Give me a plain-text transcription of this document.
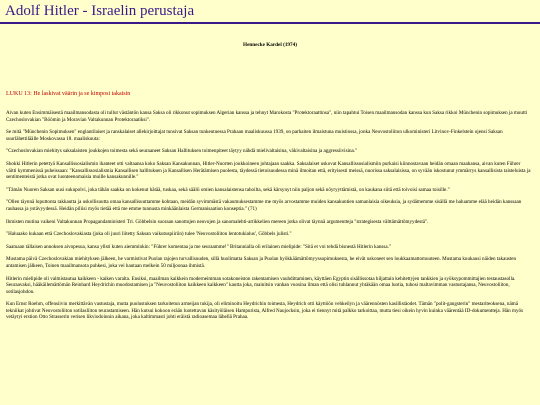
Adolf Hitler - Israelin perustaja
Hennecke Kardel (1974)
LUKU 13: He laskivat väärin ja se kimposi takaisin

Aivan kuten Ensimmäisestä maailmansodasta oli tullut västäntön kansa Saksa oli rikkonut sopimuksen Algerian kanssa ja tehnyt Marokosta "Protektoraattinsa", niin tapahtui Toisen maailmansodan kanssa kun Saksa rikkoi Münchenin sopimuksen ja muutti Czechoslovakian "Böömin ja Moravian Valtakunnan Protektoraatiksi".

Se mitä "Münchenin Sopimuksen" englantilaiset ja ranskalaiset allekirjoittajat tunsivat Saksan tunkeutuessa Prahaan maaliskuussa 1939, on parhaiten ilmaistuna muistiossa, jonka Neuvostoliiton ulkoministeri Litvinov-Finkelstein ojensi Saksan suurlähettiläälle Moskovassa 18. maaliskuuta:

"Czechoslovakian miehitys saksalaisten joukkojen toimesta sekä seuraaneet Saksan Hallituksen toimenpiteet täytyy nähdä mielivaltaisina, väkivaltaisina ja aggressiivisina."

Shokki Hitlerin petettyä Kansallissosialismin ihanteet otti valtaansa koko Saksan Kansakunnan, Hitler-Nuorten joukkoineen johtajaan saakka. Saksalaiset uskovat Kansallissosialismiin purkaisi kiinnostavaan heidän omaan maahansa, aivan kuten Führer väitti kymmenissä puheissaan: "Kansallissosialismia Kansallisen hallituksen ja Kansallisen Herätämisen puolesta, täydessä tietoisuudessa minä ilmoitan että, erityisesti meissä, nuorissa saksalaisissa, on syvään iskostunut ymmärrys kansallisista taisteluista ja sentimenteistä jotka ovat luonteenomaisia muille kansakunnille."

"Tämän Nuoren Saksan uusi sukupolvi, joka tähän saakka on kokenut hätää, tuskaa, sekä säälii omien kansalaistensa tahoilta, sekä kärsynyt niin paljon sekä nöyryyttämistä, on kaukana siitä että toivoisi samaa toisille."

"Ollen täynnä loputtonta rakkautta ja uskollisuutta omaa kansallisuuttamme kohtaan, meidän syvimmästä vakaumuksestamme me myös arvostamme muiden kansakuntien samanlaisia oikeuksia, ja sydämemme sisällä me haluamme elää heidän kanssaan rauhassa ja ystävyydessä. Heidän piliisi myös tietää että me emme tunnusta minkäänlaista Germanisaation konseptia." (71)

Ihmisten mutina vaikeni Valtakunnan Propagandaministeri Tri. Göbbelsin suoraan sanottujen neuvojen ja sanomalehti-artikkelien mereen jotka olivat täynnä argumentteja "strategisesta välttämättömyydestä".

"Haluaako kukaan että Czechoslovakiasta (joka oli juuri liitetty Saksan vaikutuspiiriin) tulee 'Neuvostoliiton lentotukialus', Göbbels julisti."

Saatuaan tällaisen annoksen aivopesua, kansa yllsti kuten aiemminkin: "Führer komentaa ja me seuraamme!" Britannialla oli erilainen mielipide: "Sitä et voi tehdä bisnestä Hitlerin kanssa."

Mustama päivä Czechoslovakian miehityksen jälkeen, he varmistivat Puolan rajojen turvallisuuden, sillä huolimatta Saksan ja Puolan hyökkäämättömyyssopimuksesta, he eivät uskoneet sen loukkaamattomuuteen. Mustama kuukausi näiden takausten antamisen jälkeen, Toinen maailmansota puhkesi, joka vei hautaan melkein 50 miljoonaa ihmistä.

Hitlerin mielipide oli valmistautua kaikkeen - kaiken varalta. Ensiksi, maailman kaikkein moderneimman sotakoneiston rakentamisen vauhdittaminen, käyttäen Egyptin sisällissotaa hiljattain kehitettyjen tankkien ja syöksypommittajien testaustasolla. Seuraavaksi, hääkäilemättömän Reinhard Heydrichin muodostamisen ja "Neuvostoliiton kaikkeen kaikkeen" kautta joka, mainitsin vanhan vuosina ilman että olisi tuhlannut yhtäkään omaa luotia, tuhosi maltavimman vastustajansa, Neuvostoliiton, sotilasjohdon.

Kun Ernst Roehm, offensiivin merkittävän vastustaja, mutta puolustuksen tarkoitetun armeijan tukija, oli eliminoitu Heydrichin toimesta, Heydrich otti käyttöön vehkeilyn ja väärennösten kasillistäodet. Tämän "polit-gangsterin" mestariteoksena, nämä tekniikat johtivat Neuvostoliiton sotilasliiton teurastamiseen. Hän kutsui kokoon erään luotettavan käsityöläisen Hampurista, Alfred Naujocksin, joka ei tiennyt mitä palkko tarkoittaa, mutta tiesi oikein hyvin kuinka väärentää ID-dokumentteja. Hän myös vetäytyi erstion Otto Strasserin verisen likviodoinnin aikana, joka kaltimmasti johti eräistä radioasemaa lähellä Prahaa.
